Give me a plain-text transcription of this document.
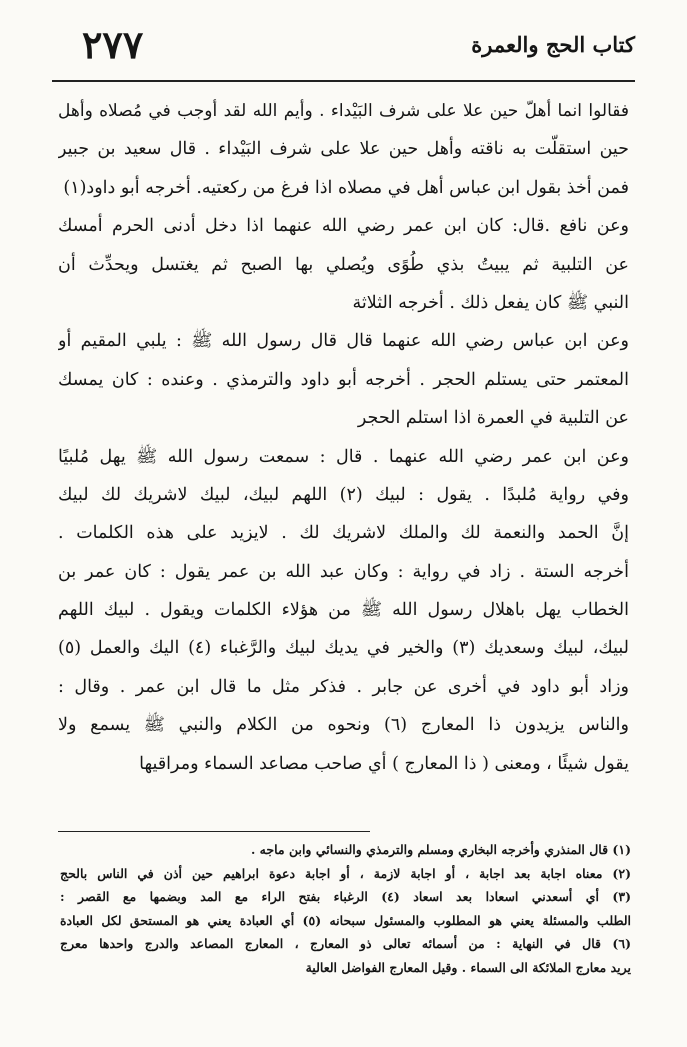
كتاب الحج والعمرة
٢٧٧
فقالوا انما أهلّ حين علا على شرف البَيْداء . وأيم الله لقد أوجب في مُصلاه وأهل
حين استقلّت به ناقته وأهل حين علا على شرف البَيْداء . قال سعيد بن جبير
فمن أخذ بقول ابن عباس أهل في مصلاه اذا فرغ من ركعتيه. أخرجه أبو داود(١)
وعن نافع .قال: كان ابن عمر رضي الله عنهما اذا دخل أدنى الحرم أمسك
عن التلبية ثم يبيتُ بذي طُوًى ويُصلي بها الصبح ثم يغتسل ويحدِّث أن
النبي ﷺ كان يفعل ذلك . أخرجه الثلاثة
وعن ابن عباس رضي الله عنهما قال قال رسول الله ﷺ : يلبي المقيم أو
المعتمر حتى يستلم الحجر . أخرجه أبو داود والترمذي . وعنده : كان يمسك
عن التلبية في العمرة اذا استلم الحجر
وعن ابن عمر رضي الله عنهما . قال : سمعت رسول الله ﷺ يهل مُلبيًا
وفي رواية مُلبدًا . يقول : لبيك (٢) اللهم لبيك، لبيك لاشريك لك لبيك
إنَّ الحمد والنعمة لك والملك لاشريك لك . لايزيد على هذه الكلمات .
أخرجه الستة . زاد في رواية : وكان عبد الله بن عمر يقول : كان عمر بن
الخطاب يهل باهلال رسول الله ﷺ من هؤلاء الكلمات ويقول . لبيك اللهم
لبيك، لبيك وسعديك (٣) والخير في يديك لبيك والرَّغباء (٤) اليك والعمل (٥)
وزاد أبو داود في أخرى عن جابر . فذكر مثل ما قال ابن عمر . وقال :
والناس يزيدون ذا المعارج (٦) ونحوه من الكلام والنبي ﷺ يسمع ولا
يقول شيئًا ، ومعنى ( ذا المعارج ) أي صاحب مصاعد السماء ومراقيها
(١) قال المنذري وأخرجه البخاري ومسلم والترمذي والنسائي وابن ماجه .
(٢) معناه اجابة بعد اجابة ، أو اجابة لازمة ، أو اجابة دعوة ابراهيم حين أذن في الناس بالحج
(٣) أي أسعدني اسعادا بعد اسعاد (٤) الرغباء بفتح الراء مع المد وبضمها مع القصر :
الطلب والمسئلة يعني هو المطلوب والمسئول سبحانه (٥) أي العبادة يعني هو المستحق لكل العبادة
(٦) قال في النهاية : من أسمائه تعالى ذو المعارج ، المعارج المصاعد والدرج واحدها معرج
يريد معارج الملائكة الى السماء . وقيل المعارج الفواضل العالية
